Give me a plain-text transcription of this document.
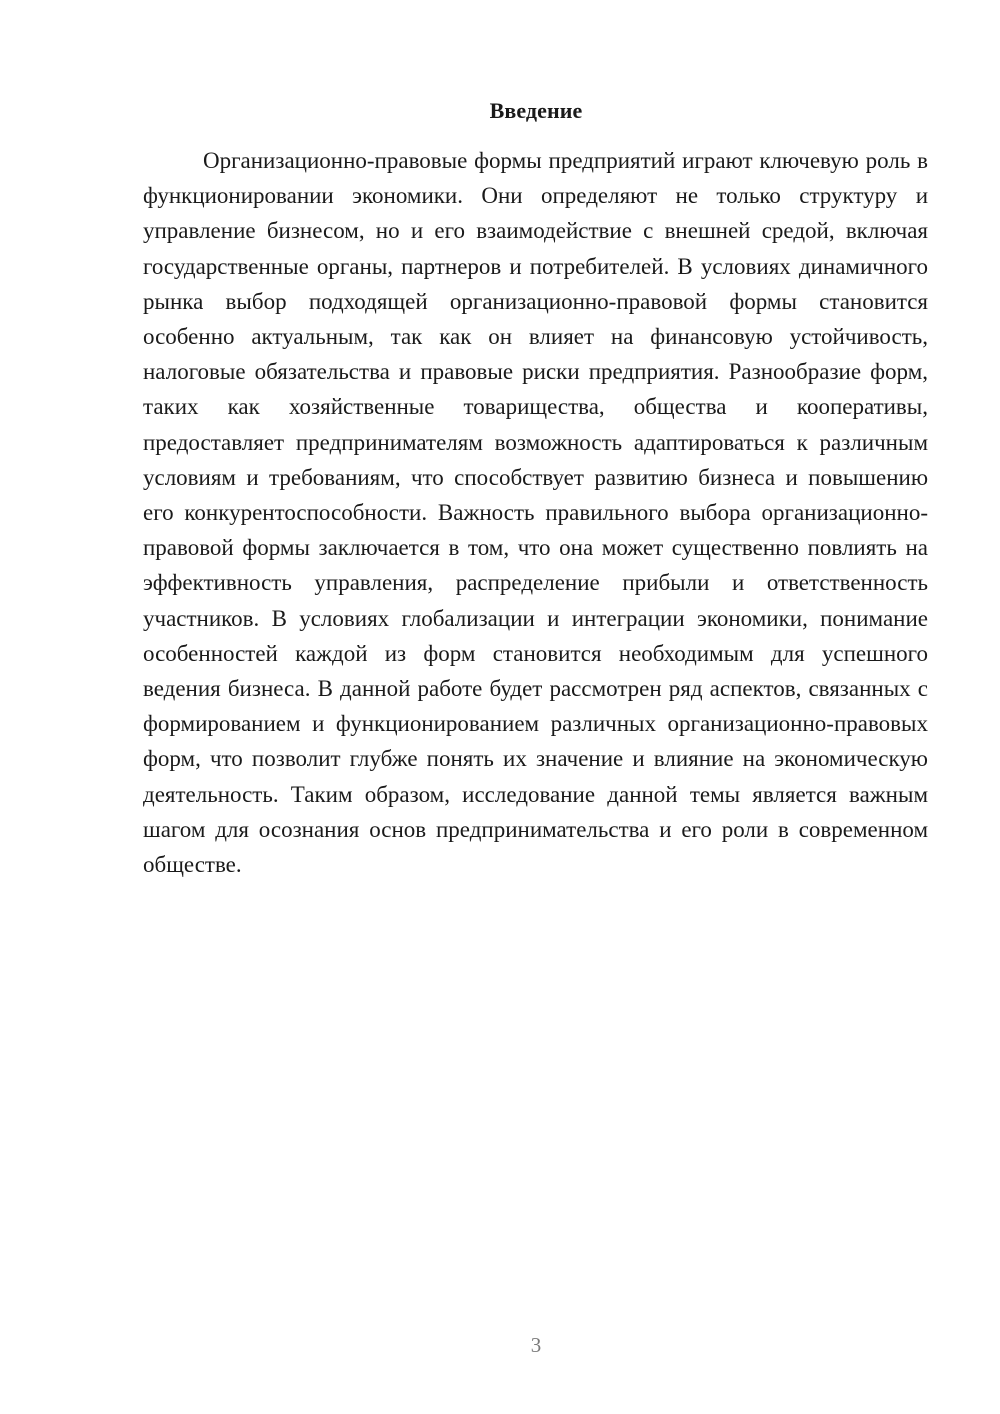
Введение

Организационно-правовые формы предприятий играют ключевую роль в функционировании экономики. Они определяют не только структуру и управление бизнесом, но и его взаимодействие с внешней средой, включая государственные органы, партнеров и потребителей. В условиях динамичного рынка выбор подходящей организационно-правовой формы становится особенно актуальным, так как он влияет на финансовую устойчивость, налоговые обязательства и правовые риски предприятия. Разнообразие форм, таких как хозяйственные товарищества, общества и кооперативы, предоставляет предпринимателям возможность адаптироваться к различным условиям и требованиям, что способствует развитию бизнеса и повышению его конкурентоспособности. Важность правильного выбора организационно-правовой формы заключается в том, что она может существенно повлиять на эффективность управления, распределение прибыли и ответственность участников. В условиях глобализации и интеграции экономики, понимание особенностей каждой из форм становится необходимым для успешного ведения бизнеса. В данной работе будет рассмотрен ряд аспектов, связанных с формированием и функционированием различных организационно-правовых форм, что позволит глубже понять их значение и влияние на экономическую деятельность. Таким образом, исследование данной темы является важным шагом для осознания основ предпринимательства и его роли в современном обществе.

3
